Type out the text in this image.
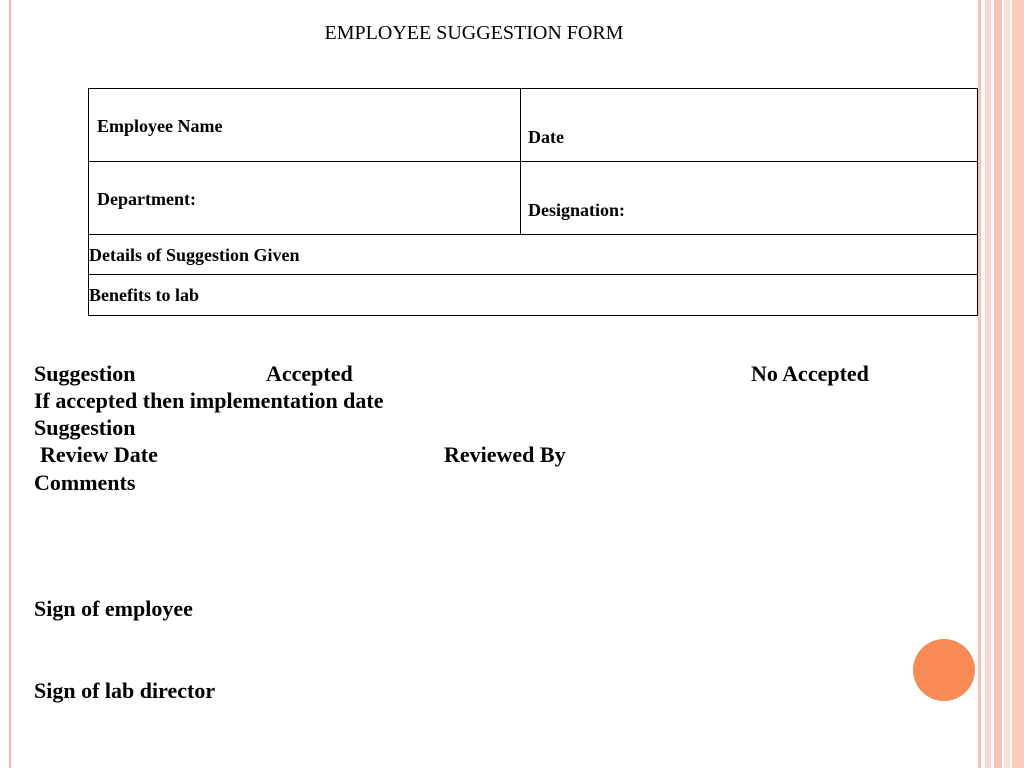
EMPLOYEE SUGGESTION FORM
Employee Name	Date

Department:	Designation:

Details of Suggestion Given	

Benefits to lab	
Suggestion	Accepted	No Accepted
If accepted then implementation date
Suggestion
Review Date	Reviewed By
Comments
Sign of employee
Sign of lab director
